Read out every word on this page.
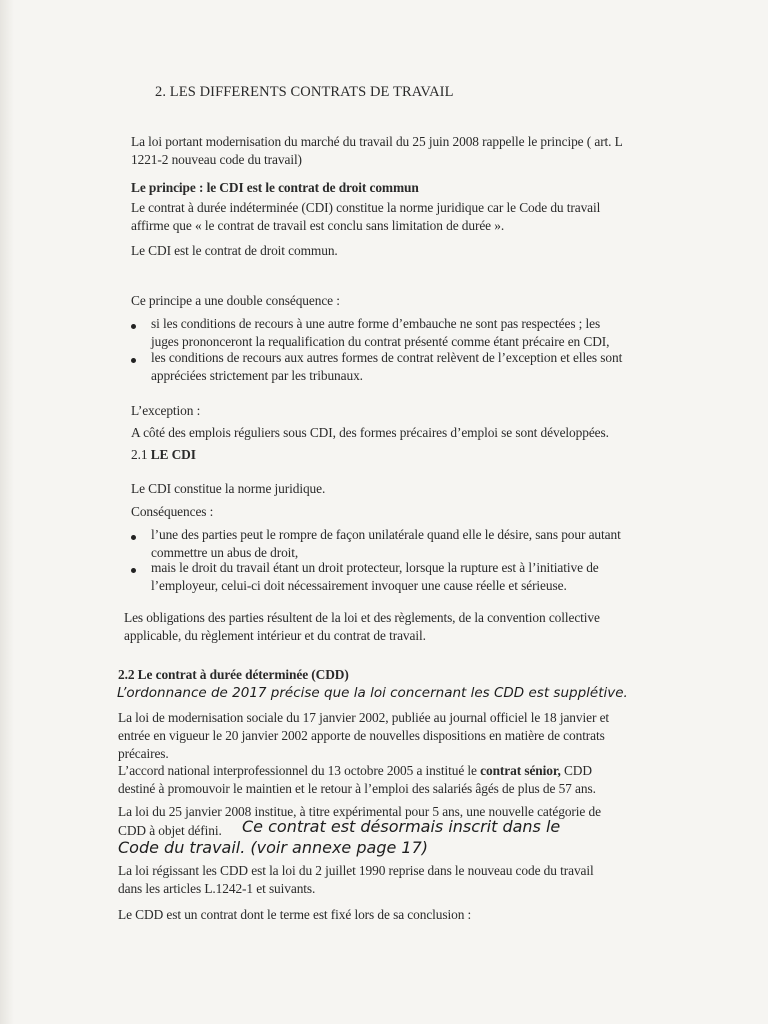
2. LES DIFFERENTS CONTRATS DE TRAVAIL
La loi portant modernisation du marché du travail du 25 juin 2008 rappelle le principe ( art. L
1221-2 nouveau code du travail)
Le principe : le CDI est le contrat de droit commun
Le contrat à durée indéterminée (CDI) constitue la norme juridique car le Code du travail
affirme que « le contrat de travail est conclu sans limitation de durée ».
Le CDI est le contrat de droit commun.
Ce principe a une double conséquence :
si les conditions de recours à une autre forme d’embauche ne sont pas respectées ; les
juges prononceront la requalification du contrat présenté comme étant précaire en CDI,
les conditions de recours aux autres formes de contrat relèvent de l’exception et elles sont
appréciées strictement par les tribunaux.
L’exception :
A côté des emplois réguliers sous CDI, des formes précaires d’emploi se sont développées.
2.1 LE CDI
Le CDI constitue la norme juridique.
Conséquences :
l’une des parties peut le rompre de façon unilatérale quand elle le désire, sans pour autant
commettre un abus de droit,
mais le droit du travail étant un droit protecteur, lorsque la rupture est à l’initiative de
l’employeur, celui-ci doit nécessairement invoquer une cause réelle et sérieuse.
Les obligations des parties résultent de la loi et des règlements, de la convention collective
applicable, du règlement intérieur et du contrat de travail.
2.2 Le contrat à durée déterminée (CDD)
L’ordonnance de 2017 précise que la loi concernant les CDD est supplétive.
La loi de modernisation sociale du 17 janvier 2002, publiée au journal officiel le 18 janvier et
entrée en vigueur le 20 janvier 2002 apporte de nouvelles dispositions en matière de contrats
précaires.
L’accord national interprofessionnel du 13 octobre 2005 a institué le contrat sénior, CDD
destiné à promouvoir le maintien et le retour à l’emploi des salariés âgés de plus de 57 ans.
La loi du 25 janvier 2008 institue, à titre expérimental pour 5 ans, une nouvelle catégorie de
CDD à objet défini. Ce contrat est désormais inscrit dans le
Code du travail. (voir annexe page 17)
La loi régissant les CDD est la loi du 2 juillet 1990 reprise dans le nouveau code du travail
dans les articles L.1242-1 et suivants.
Le CDD est un contrat dont le terme est fixé lors de sa conclusion :
